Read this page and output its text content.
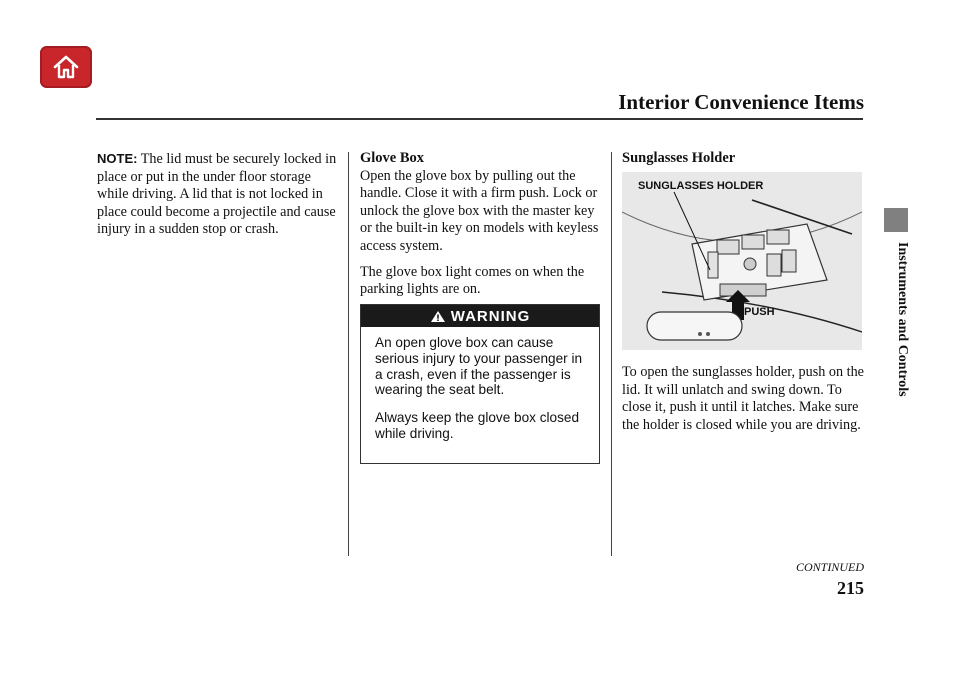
Interior Convenience Items
Instruments and Controls

NOTE: The lid must be securely locked in place or put in the under floor storage while driving. A lid that is not locked in place could become a projectile and cause injury in a sudden stop or crash.

Glove Box

Open the glove box by pulling out the handle. Close it with a firm push. Lock or unlock the glove box with the master key or the built-in key on models with keyless access system.

The glove box light comes on when the parking lights are on.

WARNING

An open glove box can cause serious injury to your passenger in a crash, even if the passenger is wearing the seat belt.

Always keep the glove box closed while driving.

Sunglasses Holder
SUNGLASSES HOLDER
PUSH

To open the sunglasses holder, push on the lid. It will unlatch and swing down. To close it, push it until it latches. Make sure the holder is closed while you are driving.

CONTINUED
215
